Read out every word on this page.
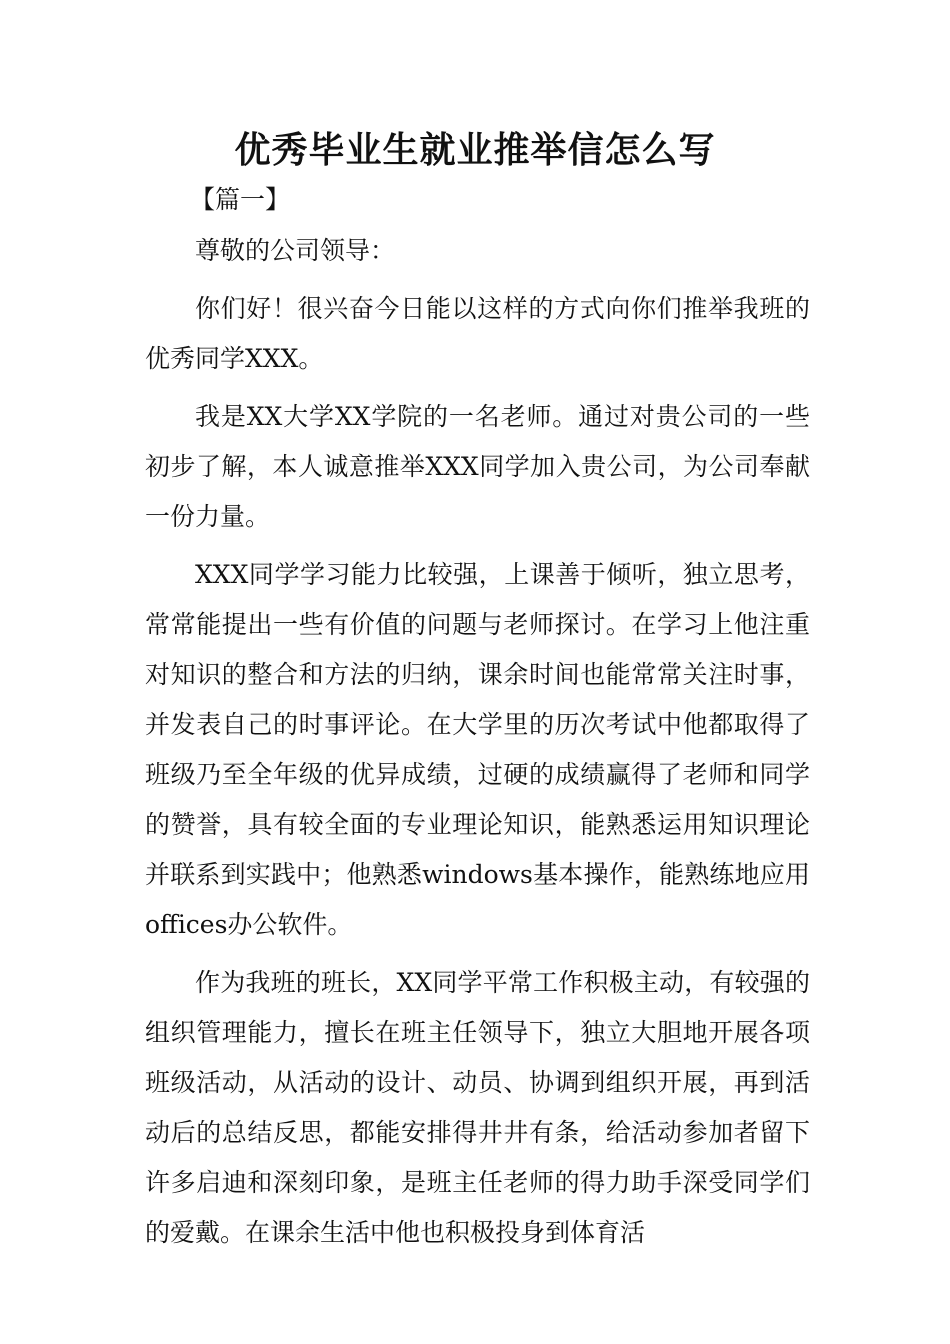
优秀毕业生就业推举信怎么写
【篇一】

尊敬的公司领导：

你们好！很兴奋今日能以这样的方式向你们推举我班的优秀同学XXX。

我是XX大学XX学院的一名老师。通过对贵公司的一些初步了解，本人诚意推举XXX同学加入贵公司，为公司奉献一份力量。

XXX同学学习能力比较强，上课善于倾听，独立思考，常常能提出一些有价值的问题与老师探讨。在学习上他注重对知识的整合和方法的归纳，课余时间也能常常关注时事，并发表自己的时事评论。在大学里的历次考试中他都取得了班级乃至全年级的优异成绩，过硬的成绩赢得了老师和同学的赞誉，具有较全面的专业理论知识，能熟悉运用知识理论并联系到实践中；他熟悉windows基本操作，能熟练地应用offices办公软件。

作为我班的班长，XX同学平常工作积极主动，有较强的组织管理能力，擅长在班主任领导下，独立大胆地开展各项班级活动，从活动的设计、动员、协调到组织开展，再到活动后的总结反思，都能安排得井井有条，给活动参加者留下许多启迪和深刻印象，是班主任老师的得力助手深受同学们的爱戴。在课余生活中他也积极投身到体育活
